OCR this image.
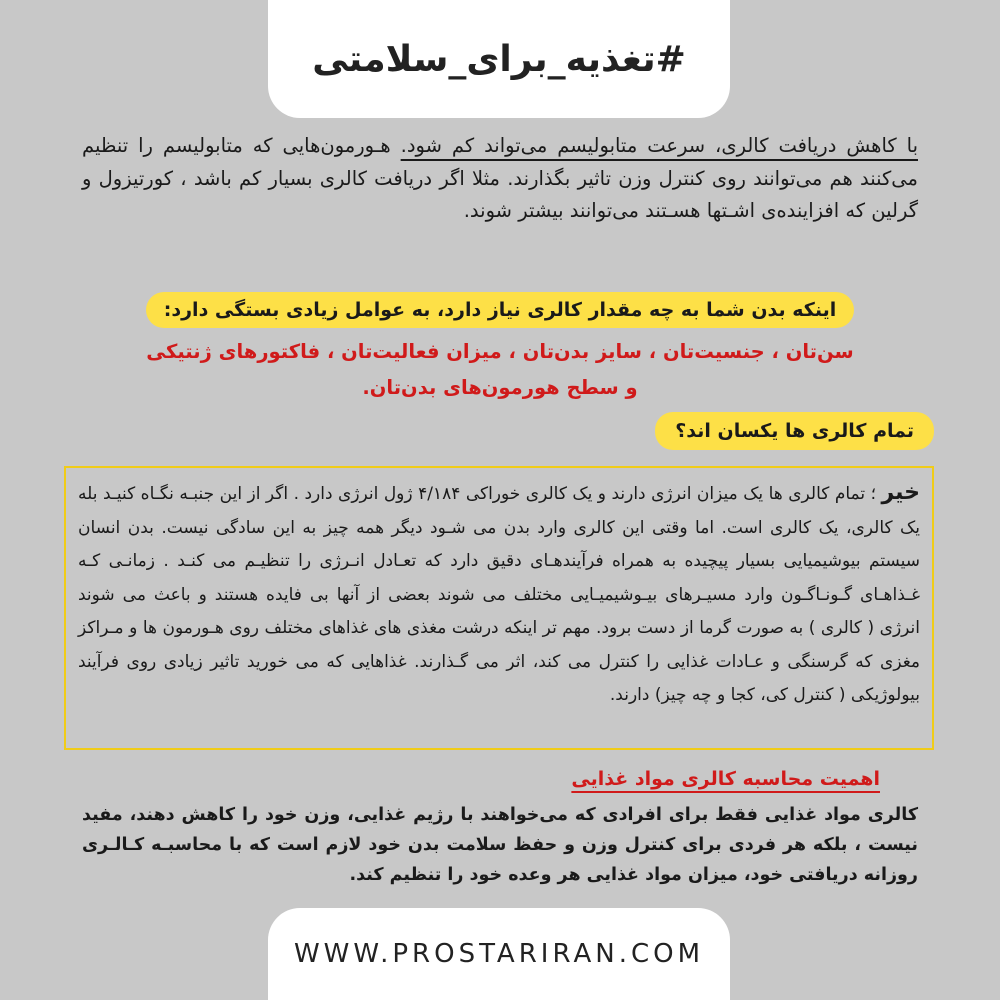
#تغذیه_برای_سلامتی
با کاهش دریافت کالری، سرعت متابولیسم می‌تواند کم شود. هـورمون‌هایی که متابولیسم را تنظیم می‌کنند هم می‌توانند روی کنترل وزن تاثیر بگذارند. مثلا اگر دریافت کالری بسیار کم باشد ، کورتیزول و گرلین که افزاینده‌ی اشـتها هسـتند می‌توانند بیشتر شوند.
اینکه بدن شما به چه مقدار کالری نیاز دارد، به عوامل زیادی بستگی دارد:
سن‌تان ، جنسیت‌تان ، سایز بدن‌تان ، میزان فعالیت‌تان ، فاکتورهای ژنتیکی
و سطح هورمون‌های بدن‌تان.
تمام کالری ها یکسان اند؟

خیر ؛ تمام کالری ها یک میزان انرژی دارند و یک کالری خوراکی ۴/۱۸۴ ژول انرژی دارد . اگر از این جنبـه نگـاه کنیـد بله یک کالری، یک کالری است. اما وقتی این کالری وارد بدن می شـود دیگر همه چیز به این سادگی نیست. بدن انسان سیستم بیوشیمیایی بسیار پیچیده به همراه فرآیندهـای دقیق دارد که تعـادل انـرژی را تنظیـم می کنـد . زمانـی کـه غـذاهـای گـونـاگـون وارد مسیـرهای بیـوشیمیـایی مختلف می شوند بعضی از آنها بی فایده هستند و باعث می شوند انرژی ( کالری ) به صورت گرما از دست برود. مهم تر اینکه درشت مغذی های غذاهای مختلف روی هـورمون ها و مـراکز مغزی که گرسنگی و عـادات غذایی را کنترل می کند، اثر می گـذارند. غذاهایی که می خورید تاثیر زیادی روی فرآیند بیولوژیکی ( کنترل کی، کجا و چه چیز) دارند.

اهمیت محاسبه کالری مواد غذایی
کالری مواد غذایی فقط برای افرادی که می‌خواهند با رژیم غذایی، وزن خود را کاهش دهند، مفید نیست ، بلکه هر فردی برای کنترل وزن و حفظ سلامت بدن خود لازم است که با محاسبـه کـالـری روزانه دریافتی خود، میزان مواد غذایی هر وعده خود را تنظیم کند.
WWW.PROSTARIRAN.COM
